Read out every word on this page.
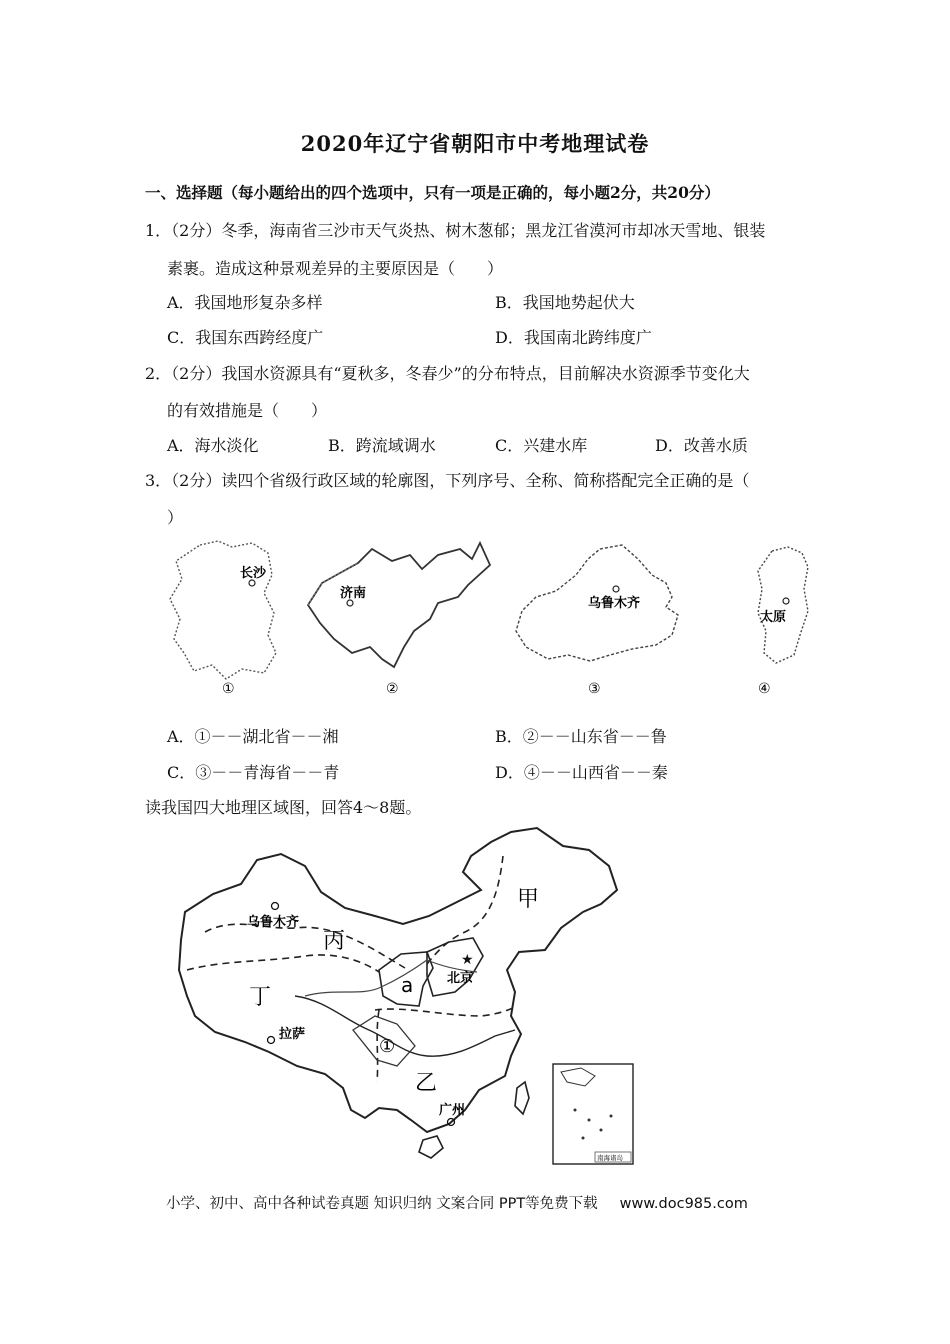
2020年辽宁省朝阳市中考地理试卷
一、选择题（每小题给出的四个选项中，只有一项是正确的，每小题2分，共20分）
1．（2分）冬季，海南省三沙市天气炎热、树木葱郁；黑龙江省漠河市却冰天雪地、银装
素裹。造成这种景观差异的主要原因是（　　）
A．我国地形复杂多样	B．我国地势起伏大
C．我国东西跨经度广	D．我国南北跨纬度广
2．（2分）我国水资源具有“夏秋多，冬春少”的分布特点，目前解决水资源季节变化大
的有效措施是（　　）
A．海水淡化	B．跨流域调水	C．兴建水库	D．改善水质
3．（2分）读四个省级行政区域的轮廓图，下列序号、全称、简称搭配完全正确的是（
）
长沙
①
济南
②
乌鲁木齐
③
太原
④
A．①－－湖北省－－湘	B．②－－山东省－－鲁
C．③－－青海省－－青	D．④－－山西省－－秦
读我国四大地理区域图，回答4～8题。
甲
乙
丙
丁	a
①
乌鲁木齐
★
北京
拉萨
广州
南海诸岛
小学、初中、高中各种试卷真题 知识归纳 文案合同 PPT等免费下载 www.doc985.com
